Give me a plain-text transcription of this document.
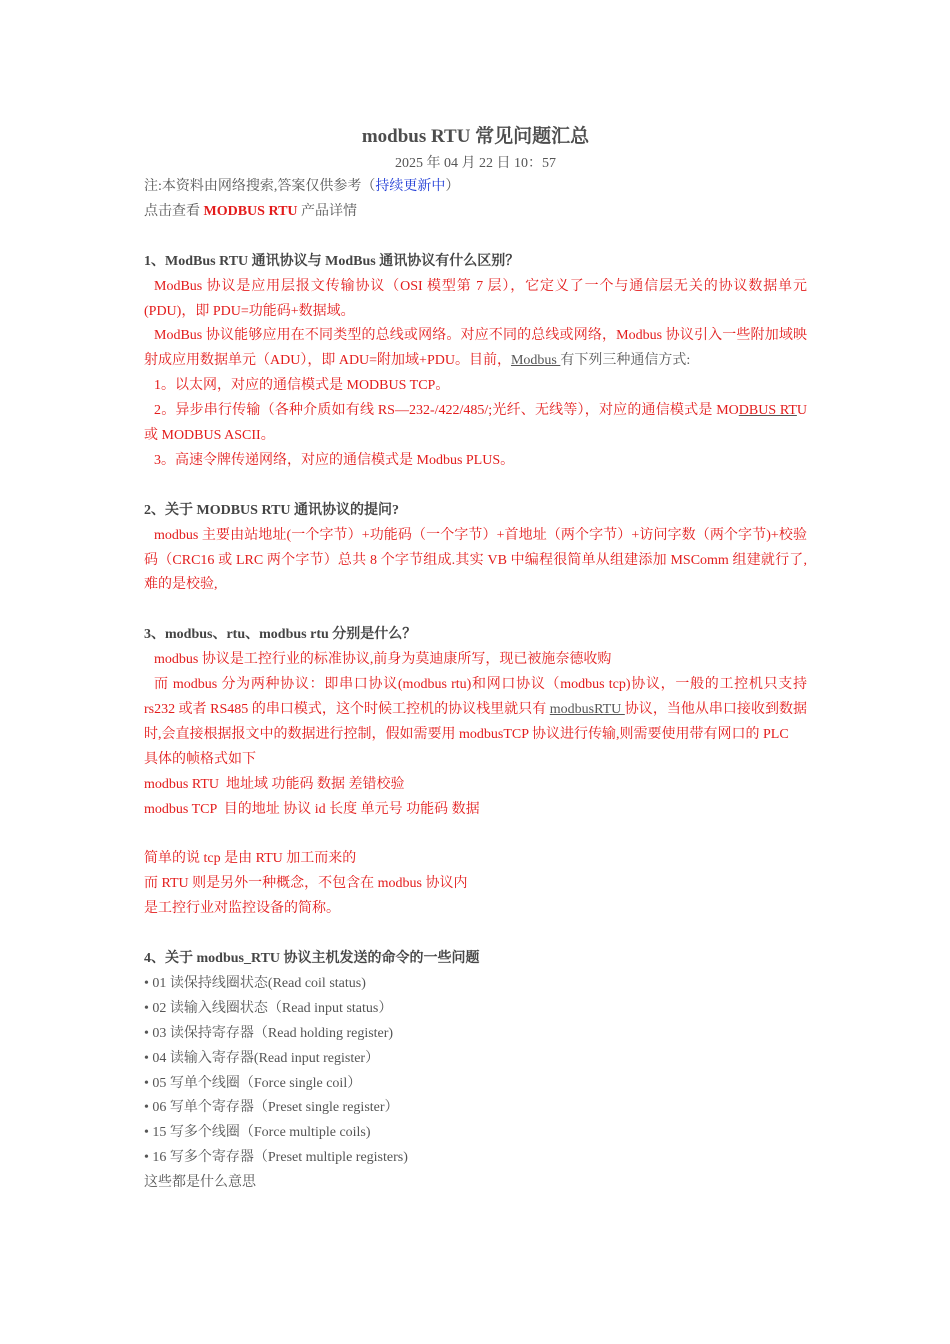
modbus RTU 常见问题汇总
2025 年 04 月 22 日 10：57

注:本资料由网络搜索,答案仅供参考（持续更新中）

点击查看 MODBUS RTU 产品详情

1、ModBus RTU 通讯协议与 ModBus 通讯协议有什么区别？

ModBus 协议是应用层报文传输协议（OSI 模型第 7 层），它定义了一个与通信层无关的协议数据单元(PDU)，即 PDU=功能码+数据域。

ModBus 协议能够应用在不同类型的总线或网络。对应不同的总线或网络，Modbus 协议引入一些附加域映射成应用数据单元（ADU），即 ADU=附加域+PDU。目前，Modbus 有下列三种通信方式:

1。以太网，对应的通信模式是 MODBUS TCP。

2。异步串行传输（各种介质如有线 RS—232-/422/485/;光纤、无线等），对应的通信模式是 MODBUS RTU 或 MODBUS ASCII。

3。高速令牌传递网络，对应的通信模式是 Modbus PLUS。

2、关于 MODBUS RTU 通讯协议的提问?

modbus 主要由站地址(一个字节）+功能码（一个字节）+首地址（两个字节）+访问字数（两个字节)+校验码（CRC16 或 LRC 两个字节）总共 8 个字节组成.其实 VB 中编程很简单从组建添加 MSComm 组建就行了,难的是校验,

3、modbus、rtu、modbus rtu 分别是什么？

modbus 协议是工控行业的标准协议,前身为莫迪康所写，现已被施奈德收购

而 modbus 分为两种协议：即串口协议(modbus rtu)和网口协议（modbus tcp)协议，一般的工控机只支持 rs232 或者 RS485 的串口模式，这个时候工控机的协议栈里就只有 modbusRTU 协议，当他从串口接收到数据时,会直接根据报文中的数据进行控制，假如需要用 modbusTCP 协议进行传输,则需要使用带有网口的 PLC

具体的帧格式如下

modbus RTU  地址域 功能码 数据 差错校验

modbus TCP  目的地址 协议 id 长度 单元号 功能码 数据

简单的说 tcp 是由 RTU 加工而来的

而 RTU 则是另外一种概念，不包含在 modbus 协议内

是工控行业对监控设备的简称。

4、关于 modbus_RTU 协议主机发送的命令的一些问题

• 01 读保持线圈状态(Read coil status)

• 02 读输入线圈状态（Read input status）

• 03 读保持寄存器（Read holding register)

• 04 读输入寄存器(Read input register）

• 05 写单个线圈（Force single coil）

• 06 写单个寄存器（Preset single register）

• 15 写多个线圈（Force multiple coils)

• 16 写多个寄存器（Preset multiple registers)

这些都是什么意思
